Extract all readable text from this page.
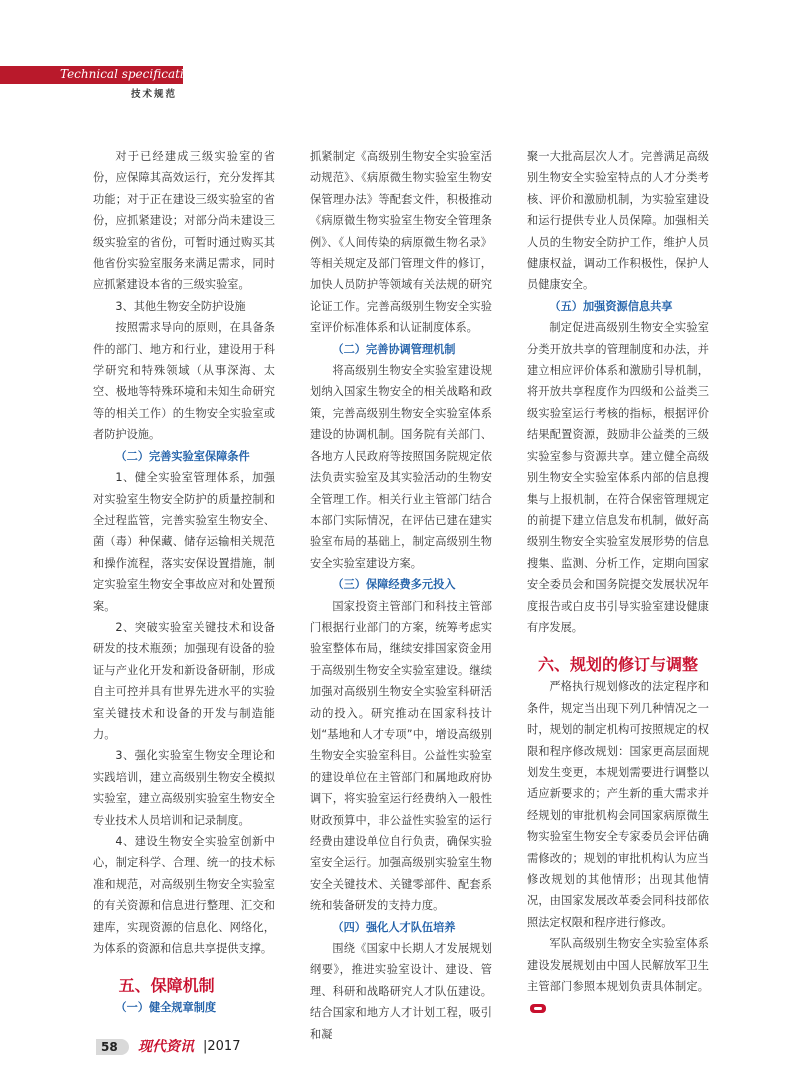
Technical specifications
技术规范

对于已经建成三级实验室的省份，应保障其高效运行，充分发挥其功能；对于正在建设三级实验室的省份，应抓紧建设；对部分尚未建设三级实验室的省份，可暂时通过购买其他省份实验室服务来满足需求，同时应抓紧建设本省的三级实验室。

3、其他生物安全防护设施

按照需求导向的原则，在具备条件的部门、地方和行业，建设用于科学研究和特殊领域（从事深海、太空、极地等特殊环境和未知生命研究等的相关工作）的生物安全实验室或者防护设施。

（二）完善实验室保障条件

1、健全实验室管理体系，加强对实验室生物安全防护的质量控制和全过程监管，完善实验室生物安全、菌（毒）种保藏、储存运输相关规范和操作流程，落实安保设置措施，制定实验室生物安全事故应对和处置预案。

2、突破实验室关键技术和设备研发的技术瓶颈；加强现有设备的验证与产业化开发和新设备研制，形成自主可控并具有世界先进水平的实验室关键技术和设备的开发与制造能力。

3、强化实验室生物安全理论和实践培训，建立高级别生物安全模拟实验室，建立高级别实验室生物安全专业技术人员培训和记录制度。

4、建设生物安全实验室创新中心，制定科学、合理、统一的技术标准和规范，对高级别生物安全实验室的有关资源和信息进行整理、汇交和建库，实现资源的信息化、网络化，为体系的资源和信息共享提供支撑。

五、保障机制

（一）健全规章制度

抓紧制定《高级别生物安全实验室活动规范》、《病原微生物实验室生物安保管理办法》等配套文件，积极推动《病原微生物实验室生物安全管理条例》、《人间传染的病原微生物名录》等相关规定及部门管理文件的修订，加快人员防护等领域有关法规的研究论证工作。完善高级别生物安全实验室评价标准体系和认证制度体系。

（二）完善协调管理机制

将高级别生物安全实验室建设规划纳入国家生物安全的相关战略和政策，完善高级别生物安全实验室体系建设的协调机制。国务院有关部门、各地方人民政府等按照国务院规定依法负责实验室及其实验活动的生物安全管理工作。相关行业主管部门结合本部门实际情况，在评估已建在建实验室布局的基础上，制定高级别生物安全实验室建设方案。

（三）保障经费多元投入

国家投资主管部门和科技主管部门根据行业部门的方案，统筹考虑实验室整体布局，继续安排国家资金用于高级别生物安全实验室建设。继续加强对高级别生物安全实验室科研活动的投入。研究推动在国家科技计划“基地和人才专项”中，增设高级别生物安全实验室科目。公益性实验室的建设单位在主管部门和属地政府协调下，将实验室运行经费纳入一般性财政预算中，非公益性实验室的运行经费由建设单位自行负责，确保实验室安全运行。加强高级别实验室生物安全关键技术、关键零部件、配套系统和装备研发的支持力度。

（四）强化人才队伍培养

围绕《国家中长期人才发展规划纲要》，推进实验室设计、建设、管理、科研和战略研究人才队伍建设。结合国家和地方人才计划工程，吸引和凝

聚一大批高层次人才。完善满足高级别生物安全实验室特点的人才分类考核、评价和激励机制，为实验室建设和运行提供专业人员保障。加强相关人员的生物安全防护工作，维护人员健康权益，调动工作积极性，保护人员健康安全。

（五）加强资源信息共享

制定促进高级别生物安全实验室分类开放共享的管理制度和办法，并建立相应评价体系和激励引导机制，将开放共享程度作为四级和公益类三级实验室运行考核的指标，根据评价结果配置资源，鼓励非公益类的三级实验室参与资源共享。建立健全高级别生物安全实验室体系内部的信息搜集与上报机制，在符合保密管理规定的前提下建立信息发布机制，做好高级别生物安全实验室发展形势的信息搜集、监测、分析工作，定期向国家安全委员会和国务院提交发展状况年度报告或白皮书引导实验室建设健康有序发展。

六、规划的修订与调整

严格执行规划修改的法定程序和条件，规定当出现下列几种情况之一时，规划的制定机构可按照规定的权限和程序修改规划：国家更高层面规划发生变更，本规划需要进行调整以适应新要求的；产生新的重大需求并经规划的审批机构会同国家病原微生物实验室生物安全专家委员会评估确需修改的；规划的审批机构认为应当修改规划的其他情形；出现其他情况，由国家发展改革委会同科技部依照法定权限和程序进行修改。

军队高级别生物安全实验室体系建设发展规划由中国人民解放军卫生主管部门参照本规划负责具体制定。

58 现代资讯 |2017
